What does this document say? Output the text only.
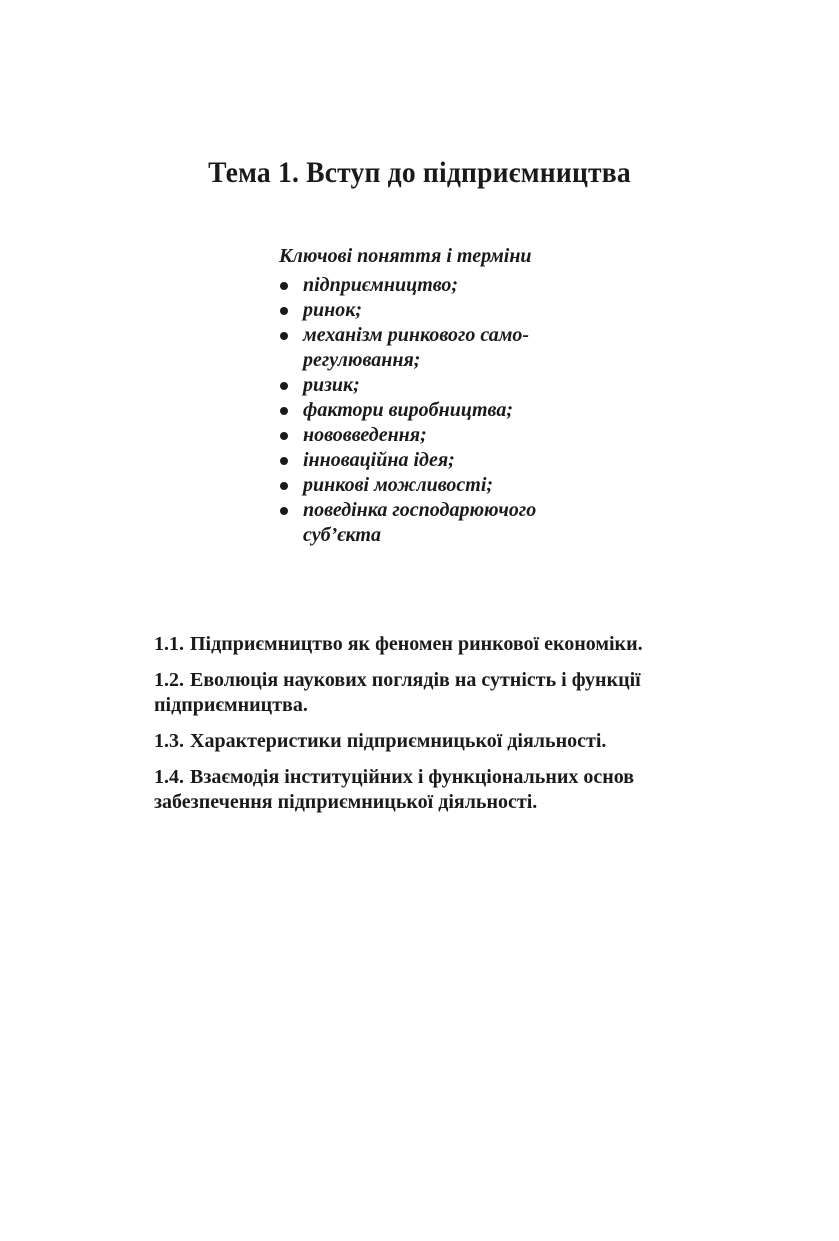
Тема 1. Вступ до підприємництва

Ключові поняття і терміни

підприємництво;
ринок;
механізм ринкового само-регулювання;
ризик;
фактори виробництва;
нововведення;
інноваційна ідея;
ринкові можливості;
поведінка господарюючого суб’єкта

1.1. Підприємництво як феномен ринкової економіки.

1.2. Еволюція наукових поглядів на сутність і функції підприємництва.

1.3. Характеристики підприємницької діяльності.

1.4. Взаємодія інституційних і функціональних основ забезпечення підприємницької діяльності.
